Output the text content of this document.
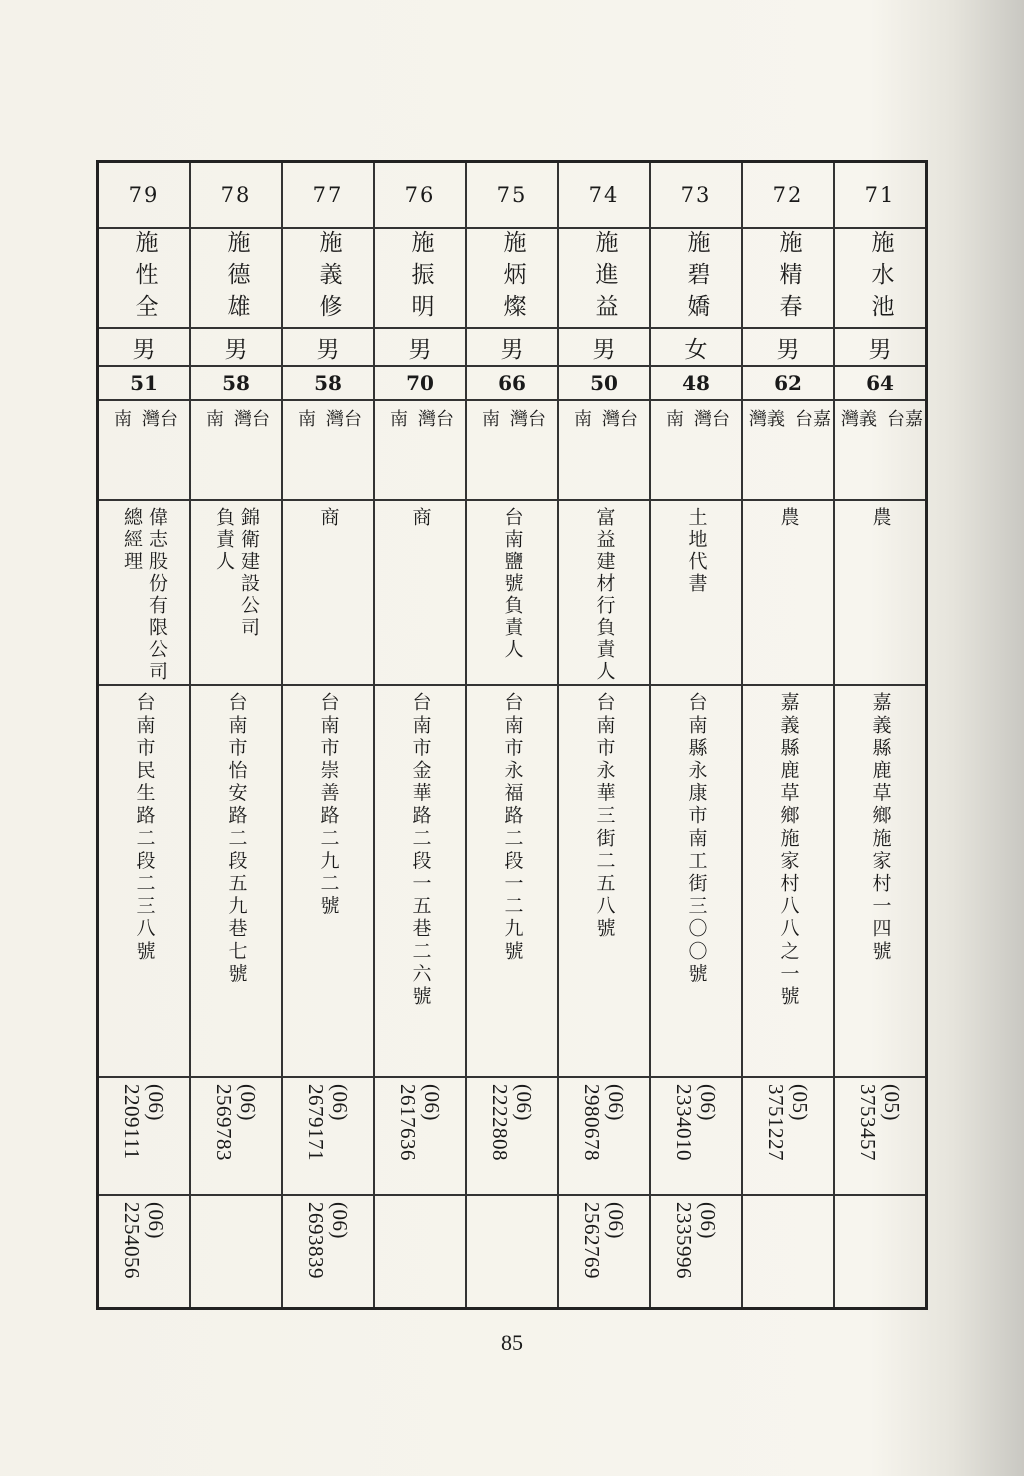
79
施性全
男
51
台灣
南
偉志股份有限公司
總經理
台南市民生路二段二三八號
(06)
2209111
(06)
2254056
78
施德雄
男
58
台灣
南
錦衛建設公司
負責人
台南市怡安路二段五九巷七號
(06)
2569783
77
施義修
男
58
台灣
南
商
台南市崇善路二九二號
(06)
2679171
(06)
2693839
76
施振明
男
70
台灣
南
商
台南市金華路二段一五巷二六號
(06)
2617636
75
施炳燦
男
66
台灣
南
台南鹽號負責人
台南市永福路二段一二九號
(06)
2222808
74
施進益
男
50
台灣
南
富益建材行負責人
台南市永華三街二五八號
(06)
2980678
(06)
2562769
73
施碧嬌
女
48
台灣
南
土地代書
台南縣永康市南工街三〇〇號
(06)
2334010
(06)
2335996
72
施精春
男
62
嘉台
義灣
農
嘉義縣鹿草鄉施家村八八之一號
(05)
3751227
71
施水池
男
64
嘉台
義灣
農
嘉義縣鹿草鄉施家村一四號
(05)
3753457
85
